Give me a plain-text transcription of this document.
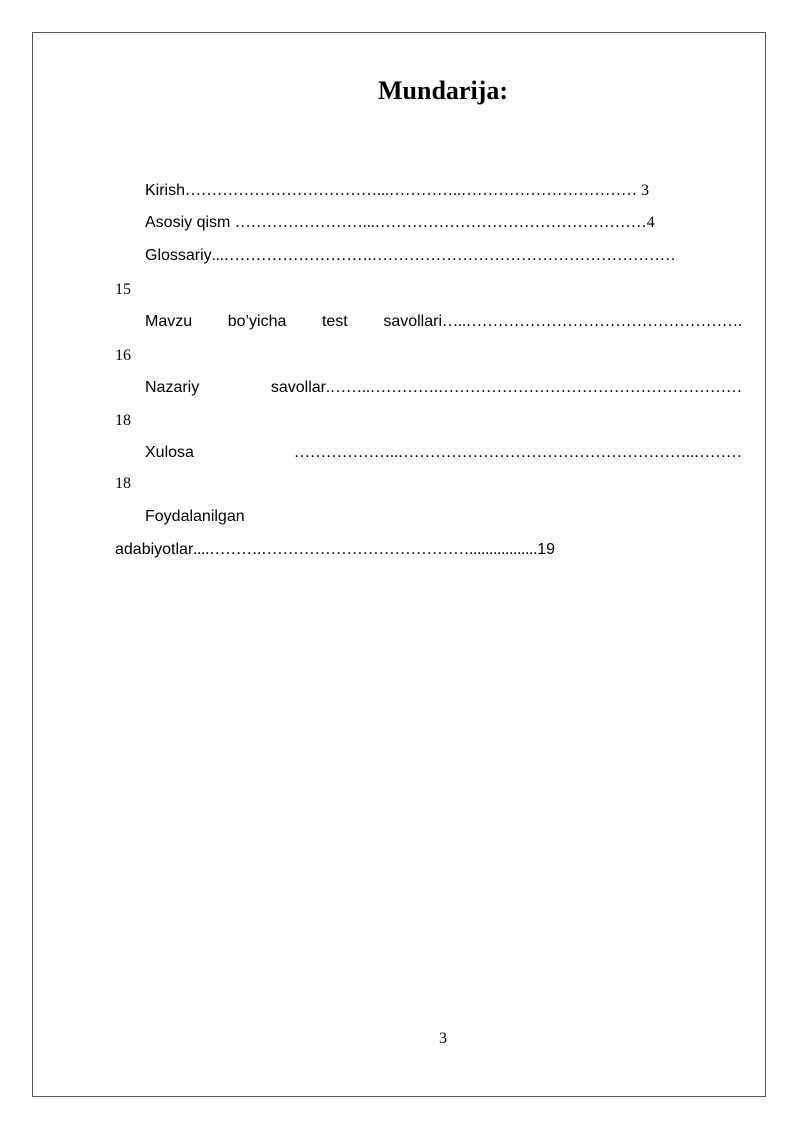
Mundarija:
Kirish………………………………...…………..…………………………… 3
Asosiy qism ……………………...……………………………………………4
Glossariy...……………………….…………………………………………………
15
Mavzu bo’yicha test savollari…..…………………………………………….
16
Nazariy	savollar.……..………….…………………………………………………
18
Xulosa	………………..………………………………………………..………
18
Foydalanilgan
adabiyotlar....……….………………………………….................19
3
